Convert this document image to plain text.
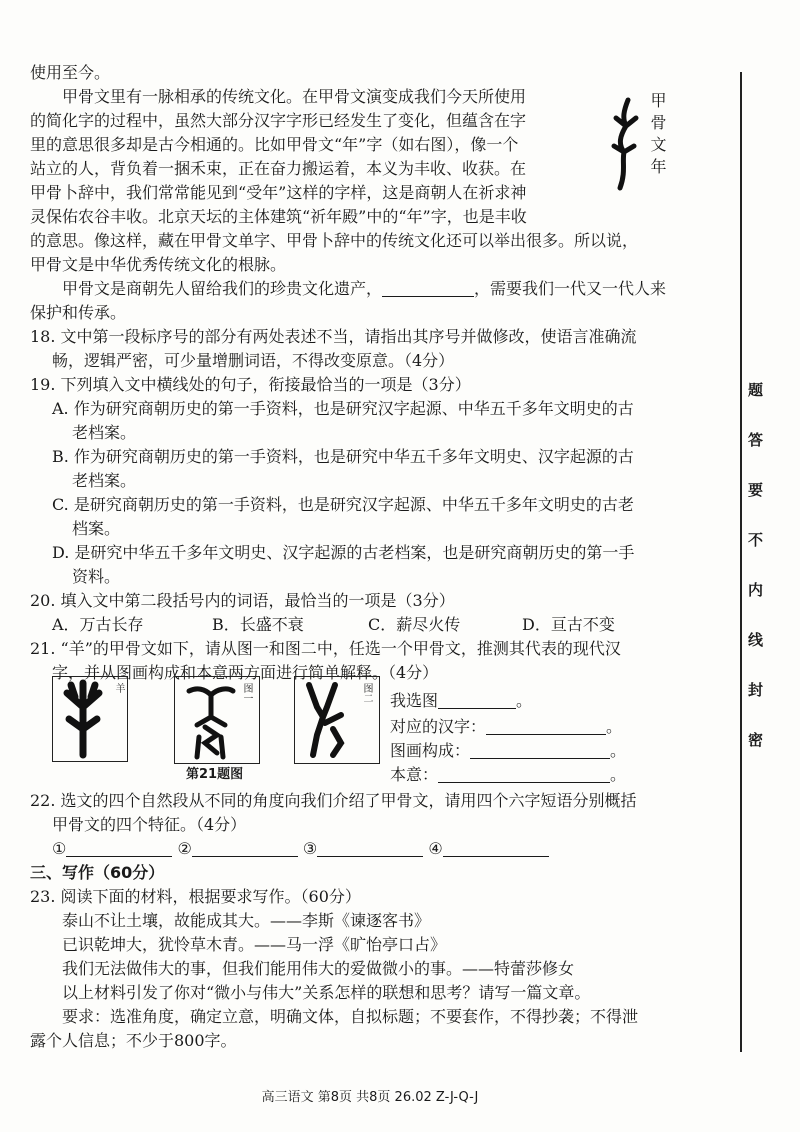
使用至今。
甲骨文里有一脉相承的传统文化。在甲骨文演变成我们今天所使用
的简化字的过程中，虽然大部分汉字字形已经发生了变化，但蕴含在字
里的意思很多却是古今相通的。比如甲骨文“年”字（如右图），像一个
站立的人，背负着一捆禾束，正在奋力搬运着，本义为丰收、收获。在
甲骨卜辞中，我们常常能见到“受年”这样的字样，这是商朝人在祈求神
灵保佑农谷丰收。北京天坛的主体建筑“祈年殿”中的“年”字，也是丰收
的意思。像这样，藏在甲骨文单字、甲骨卜辞中的传统文化还可以举出很多。所以说，
甲骨文是中华优秀传统文化的根脉。
甲骨文是商朝先人留给我们的珍贵文化遗产，	，需要我们一代又一代人来
保护和传承。
甲骨文年
18. 文中第一段标序号的部分有两处表述不当，请指出其序号并做修改，使语言准确流
畅，逻辑严密，可少量增删词语，不得改变原意。（4分）
19. 下列填入文中横线处的句子，衔接最恰当的一项是（3分）
A. 作为研究商朝历史的第一手资料，也是研究汉字起源、中华五千多年文明史的古
老档案。
B. 作为研究商朝历史的第一手资料，也是研究中华五千多年文明史、汉字起源的古
老档案。
C. 是研究商朝历史的第一手资料，也是研究汉字起源、中华五千多年文明史的古老
档案。
D. 是研究中华五千多年文明史、汉字起源的古老档案，也是研究商朝历史的第一手
资料。
20. 填入文中第二段括号内的词语，最恰当的一项是（3分）
A．万古长存	B．长盛不衰	C．薪尽火传	D．亘古不变
21. “羊”的甲骨文如下，请从图一和图二中，任选一个甲骨文，推测其代表的现代汉
字，并从图画构成和本意两方面进行简单解释。（4分）
羊	图一	图二
第21题图
我选图	。
对应的汉字：	。
图画构成：	。
本意：	。
22. 选文的四个自然段从不同的角度向我们介绍了甲骨文，请用四个六字短语分别概括
甲骨文的四个特征。（4分）
①	②	③	④
三、写作（60分）
23. 阅读下面的材料，根据要求写作。（60分）
泰山不让土壤，故能成其大。——李斯《谏逐客书》
已识乾坤大，犹怜草木青。——马一浮《旷怡亭口占》
我们无法做伟大的事，但我们能用伟大的爱做微小的事。——特蕾莎修女
以上材料引发了你对“微小与伟大”关系怎样的联想和思考？请写一篇文章。
要求：选准角度，确定立意，明确文体，自拟标题；不要套作，不得抄袭；不得泄
露个人信息；不少于800字。
题
答
要
不
内
线
封
密
高三语文 第8页 共8页 26.02 Z-J-Q-J
